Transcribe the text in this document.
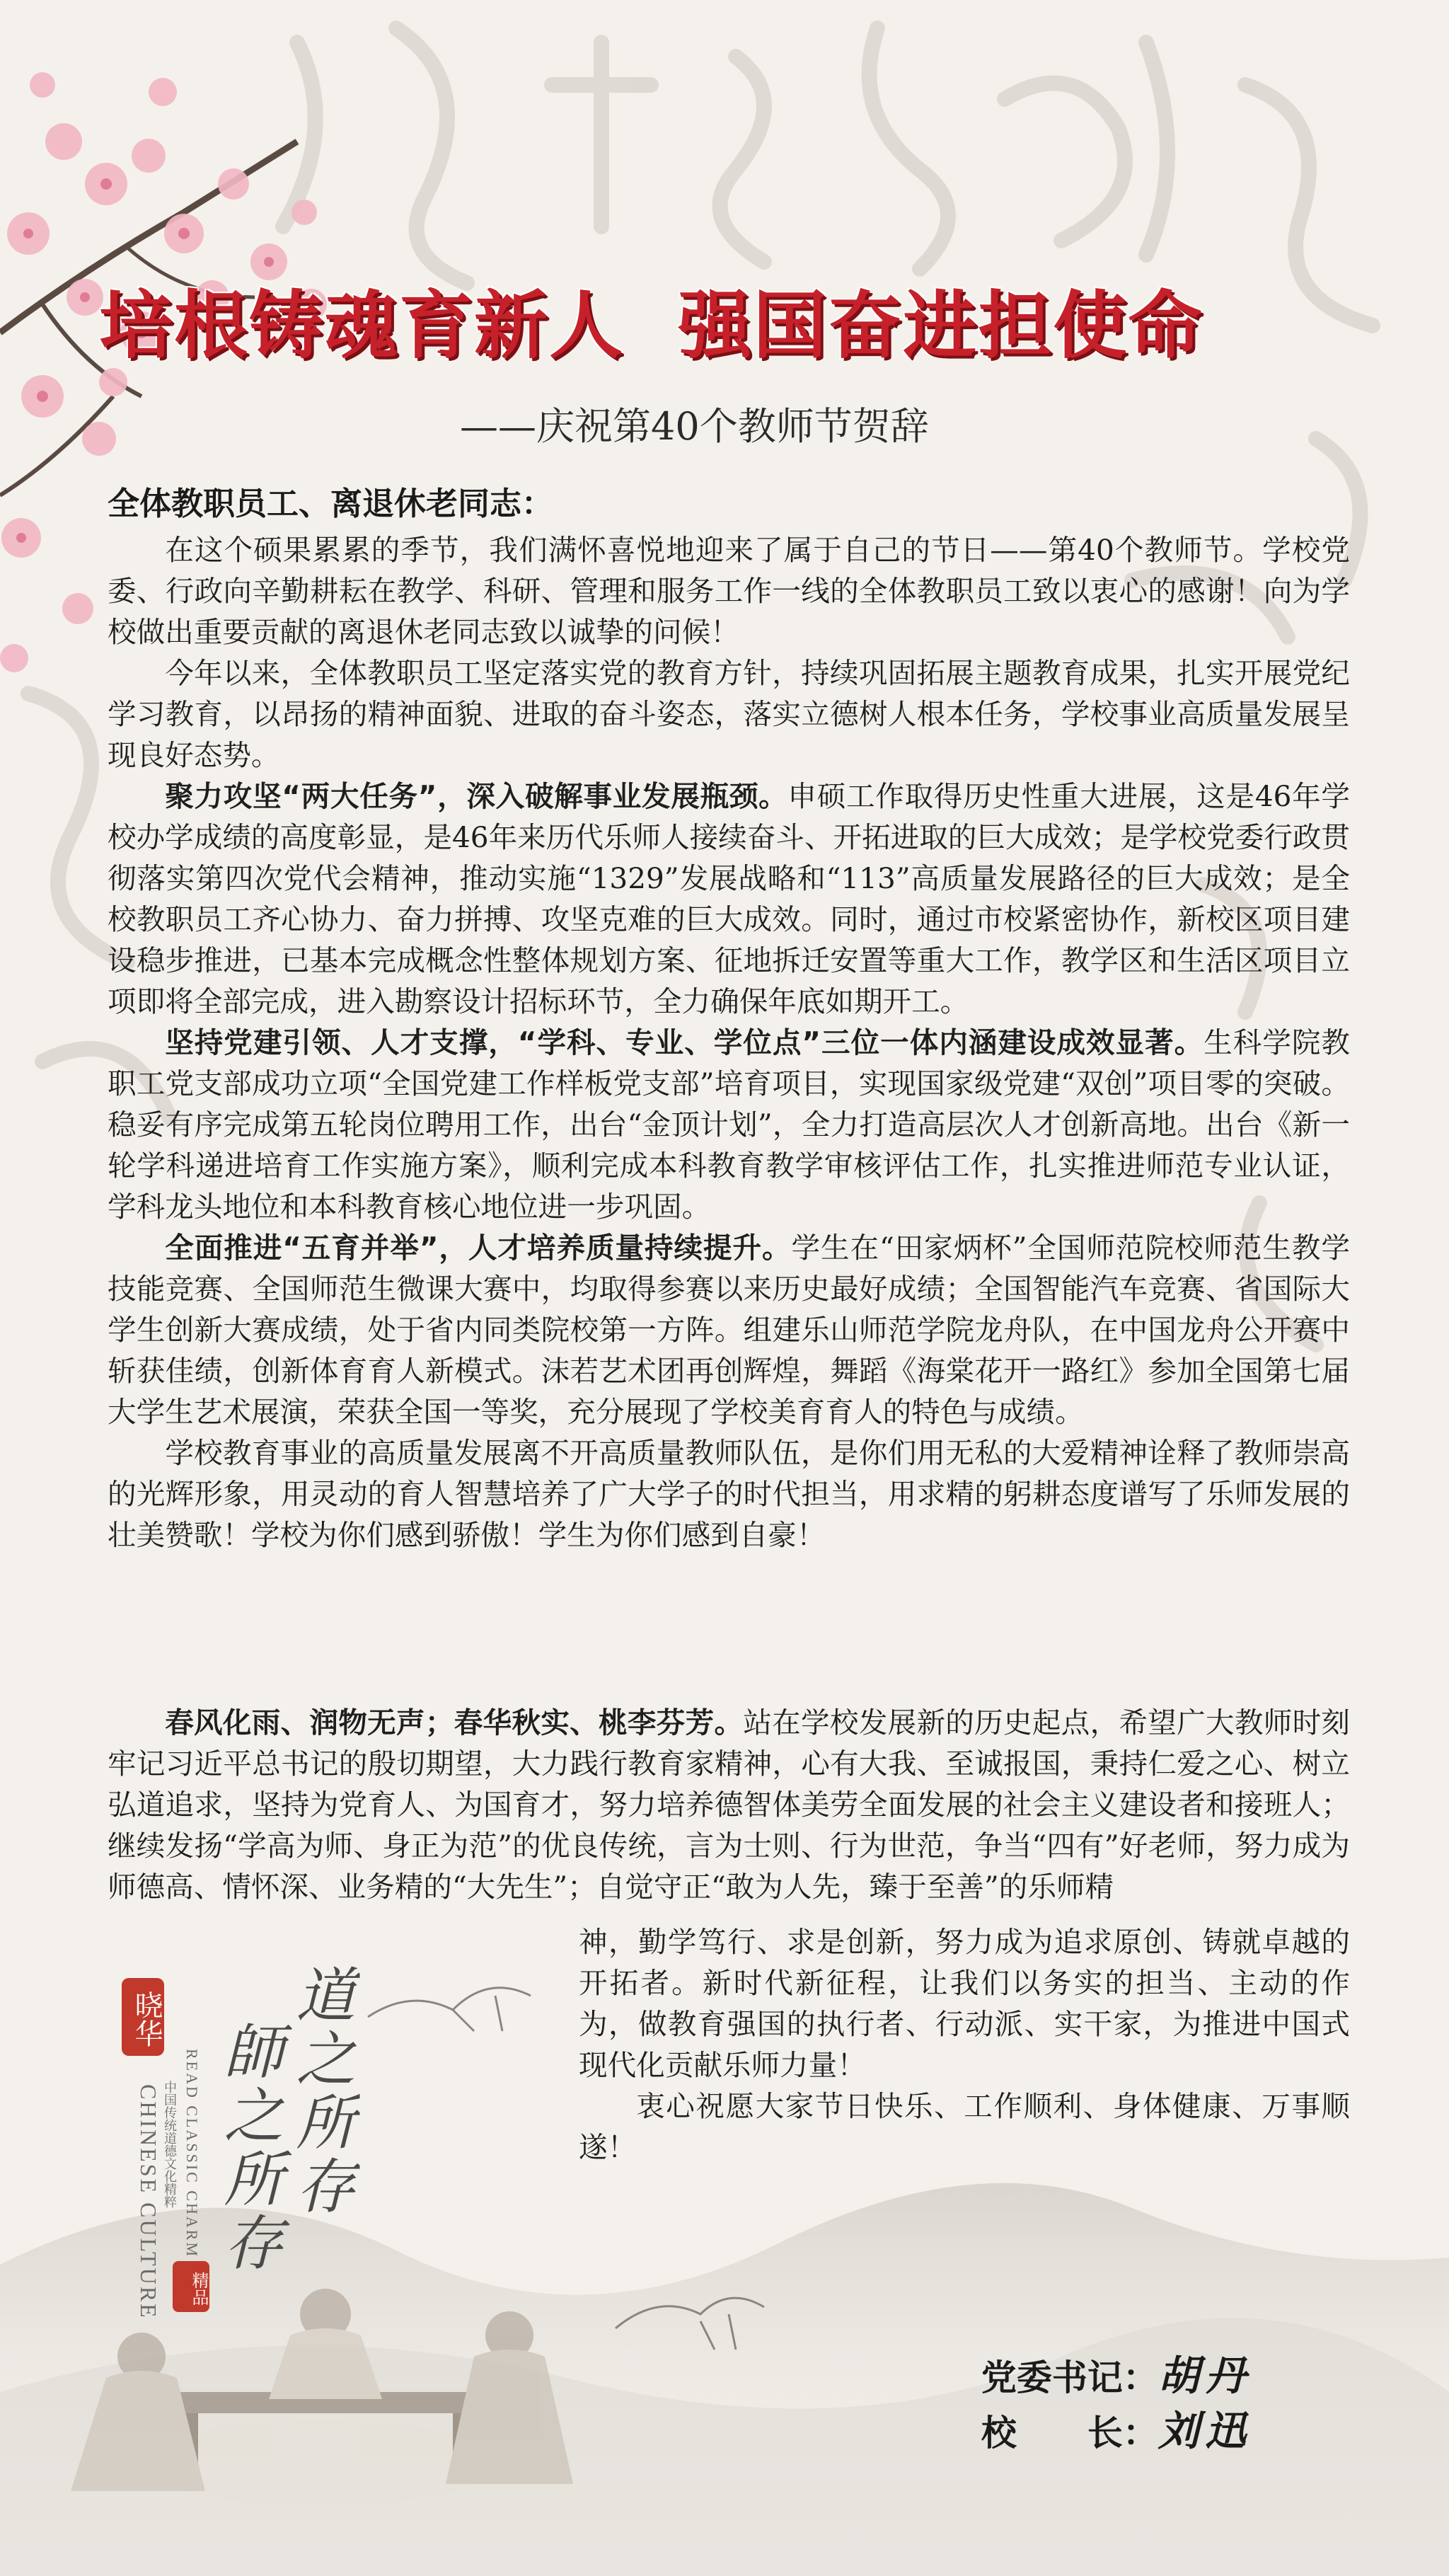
培根铸魂育新人  强国奋进担使命
——庆祝第40个教师节贺辞
全体教职员工、离退休老同志：

在这个硕果累累的季节，我们满怀喜悦地迎来了属于自己的节日——第40个教师节。学校党委、行政向辛勤耕耘在教学、科研、管理和服务工作一线的全体教职员工致以衷心的感谢！向为学校做出重要贡献的离退休老同志致以诚挚的问候！

今年以来，全体教职员工坚定落实党的教育方针，持续巩固拓展主题教育成果，扎实开展党纪学习教育，以昂扬的精神面貌、进取的奋斗姿态，落实立德树人根本任务，学校事业高质量发展呈现良好态势。

聚力攻坚“两大任务”，深入破解事业发展瓶颈。申硕工作取得历史性重大进展，这是46年学校办学成绩的高度彰显，是46年来历代乐师人接续奋斗、开拓进取的巨大成效；是学校党委行政贯彻落实第四次党代会精神，推动实施“1329”发展战略和“113”高质量发展路径的巨大成效；是全校教职员工齐心协力、奋力拼搏、攻坚克难的巨大成效。同时，通过市校紧密协作，新校区项目建设稳步推进，已基本完成概念性整体规划方案、征地拆迁安置等重大工作，教学区和生活区项目立项即将全部完成，进入勘察设计招标环节，全力确保年底如期开工。

坚持党建引领、人才支撑，“学科、专业、学位点”三位一体内涵建设成效显著。生科学院教职工党支部成功立项“全国党建工作样板党支部”培育项目，实现国家级党建“双创”项目零的突破。稳妥有序完成第五轮岗位聘用工作，出台“金顶计划”，全力打造高层次人才创新高地。出台《新一轮学科递进培育工作实施方案》，顺利完成本科教育教学审核评估工作，扎实推进师范专业认证，学科龙头地位和本科教育核心地位进一步巩固。

全面推进“五育并举”，人才培养质量持续提升。学生在“田家炳杯”全国师范院校师范生教学技能竞赛、全国师范生微课大赛中，均取得参赛以来历史最好成绩；全国智能汽车竞赛、省国际大学生创新大赛成绩，处于省内同类院校第一方阵。组建乐山师范学院龙舟队，在中国龙舟公开赛中斩获佳绩，创新体育育人新模式。沫若艺术团再创辉煌，舞蹈《海棠花开一路红》参加全国第七届大学生艺术展演，荣获全国一等奖，充分展现了学校美育育人的特色与成绩。

学校教育事业的高质量发展离不开高质量教师队伍，是你们用无私的大爱精神诠释了教师崇高的光辉形象，用灵动的育人智慧培养了广大学子的时代担当，用求精的躬耕态度谱写了乐师发展的壮美赞歌！学校为你们感到骄傲！学生为你们感到自豪！

春风化雨、润物无声；春华秋实、桃李芬芳。站在学校发展新的历史起点，希望广大教师时刻牢记习近平总书记的殷切期望，大力践行教育家精神，心有大我、至诚报国，秉持仁爱之心、树立弘道追求，坚持为党育人、为国育才，努力培养德智体美劳全面发展的社会主义建设者和接班人；继续发扬“学高为师、身正为范”的优良传统，言为士则、行为世范，争当“四有”好老师，努力成为师德高、情怀深、业务精的“大先生”；自觉守正“敢为人先，臻于至善”的乐师精

神，勤学笃行、求是创新，努力成为追求原创、铸就卓越的开拓者。新时代新征程，让我们以务实的担当、主动的作为，做教育强国的执行者、行动派、实干家，为推进中国式现代化贡献乐师力量！

衷心祝愿大家节日快乐、工作顺利、身体健康、万事顺遂！

晓华 道之所存
師之所存
READ CLASSIC CHARM
CHINESE CULTURE 中国传统道德文化精粹
精品

党委书记：胡丹

校　　长：刘迅
